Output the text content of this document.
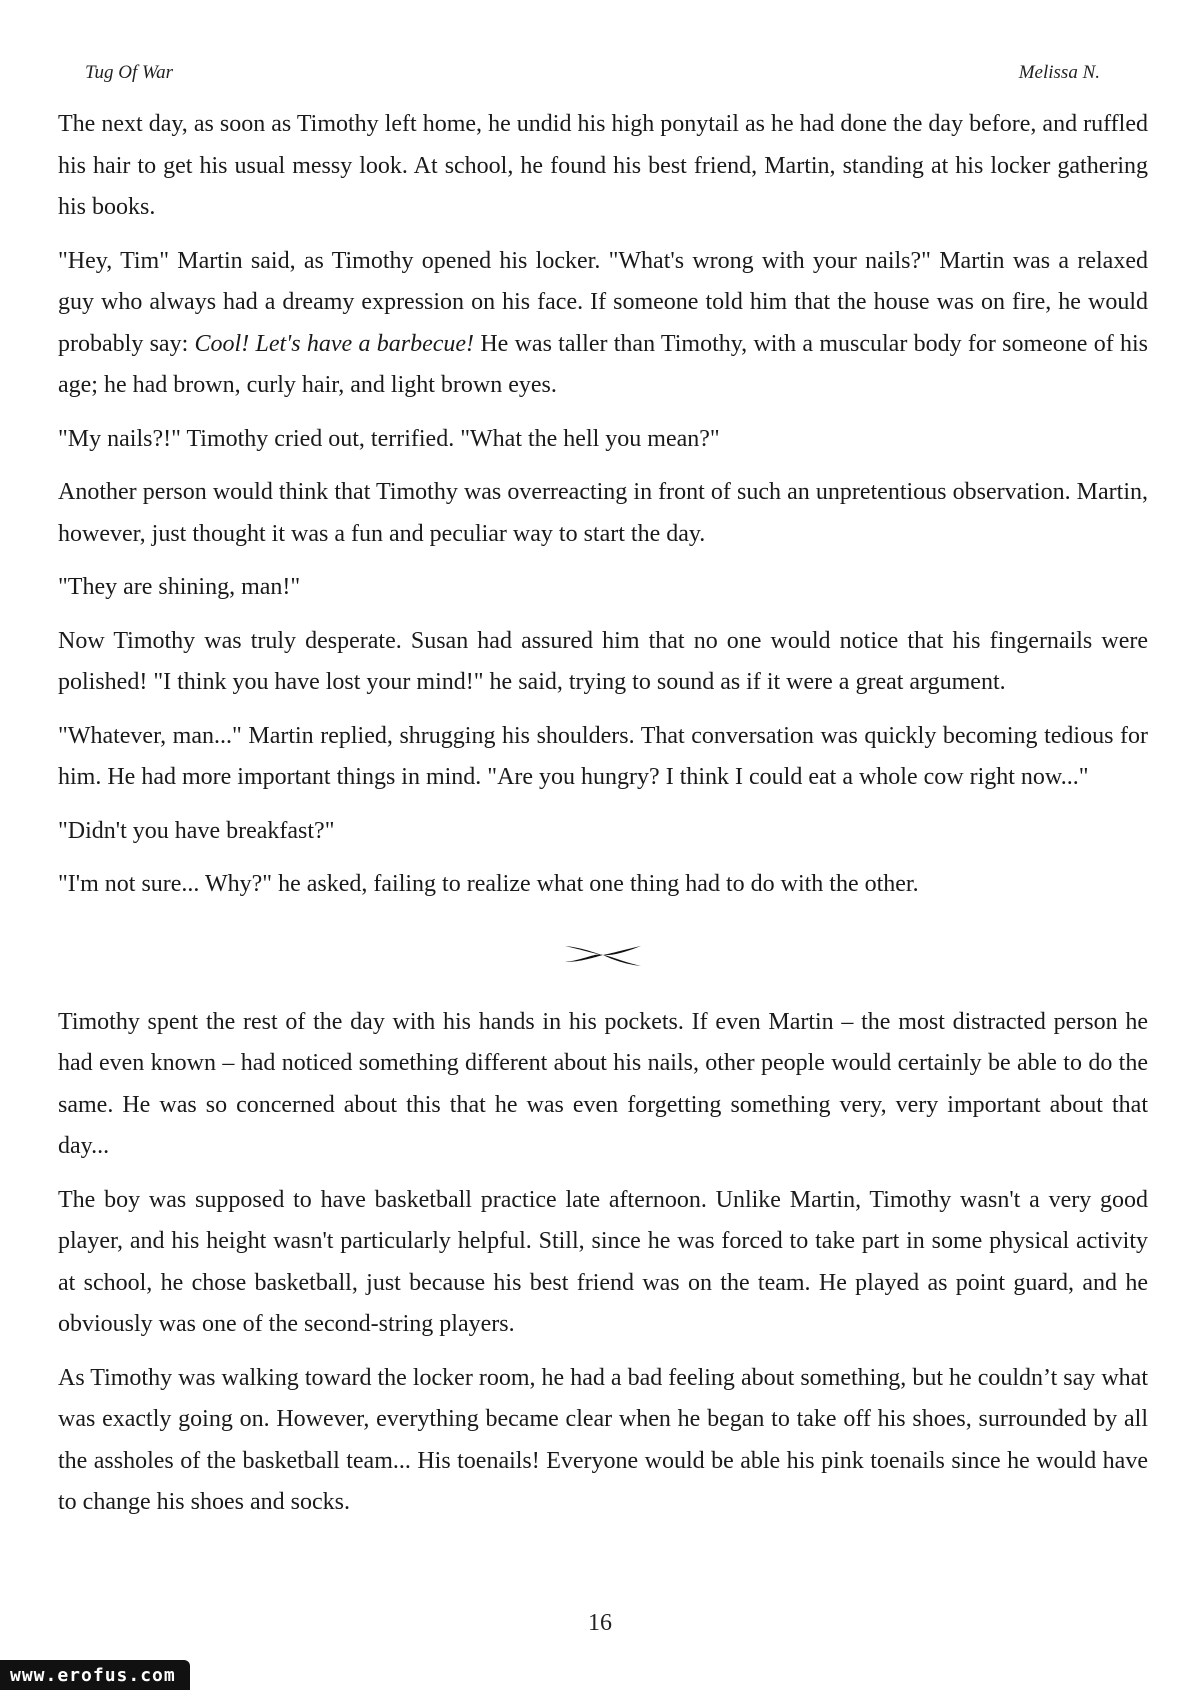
Tug Of War	Melissa N.

The next day, as soon as Timothy left home, he undid his high ponytail as he had done the day before, and ruffled his hair to get his usual messy look. At school, he found his best friend, Martin, standing at his locker gathering his books.

"Hey, Tim" Martin said, as Timothy opened his locker. "What's wrong with your nails?" Martin was a relaxed guy who always had a dreamy expression on his face. If someone told him that the house was on fire, he would probably say: Cool! Let's have a barbecue! He was taller than Timothy, with a muscular body for someone of his age; he had brown, curly hair, and light brown eyes.

"My nails?!" Timothy cried out, terrified. "What the hell you mean?"

Another person would think that Timothy was overreacting in front of such an unpretentious observation. Martin, however, just thought it was a fun and peculiar way to start the day.

"They are shining, man!"

Now Timothy was truly desperate. Susan had assured him that no one would notice that his fingernails were polished! "I think you have lost your mind!" he said, trying to sound as if it were a great argument.

"Whatever, man..." Martin replied, shrugging his shoulders. That conversation was quickly becoming tedious for him. He had more important things in mind. "Are you hungry? I think I could eat a whole cow right now..."

"Didn't you have breakfast?"

"I'm not sure... Why?" he asked, failing to realize what one thing had to do with the other.

Timothy spent the rest of the day with his hands in his pockets. If even Martin – the most distracted person he had even known – had noticed something different about his nails, other people would certainly be able to do the same. He was so concerned about this that he was even forgetting something very, very important about that day...

The boy was supposed to have basketball practice late afternoon. Unlike Martin, Timothy wasn't a very good player, and his height wasn't particularly helpful. Still, since he was forced to take part in some physical activity at school, he chose basketball, just because his best friend was on the team. He played as point guard, and he obviously was one of the second-string players.

As Timothy was walking toward the locker room, he had a bad feeling about something, but he couldn’t say what was exactly going on. However, everything became clear when he began to take off his shoes, surrounded by all the assholes of the basketball team... His toenails! Everyone would be able his pink toenails since he would have to change his shoes and socks.

16
www.erofus.com
